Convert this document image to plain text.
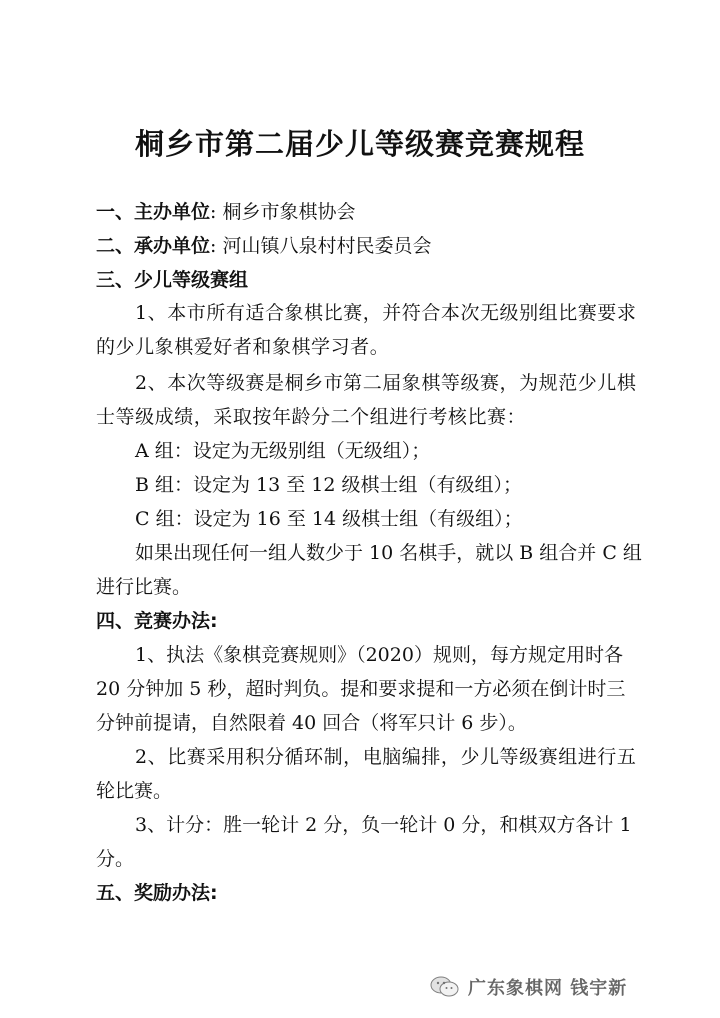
桐乡市第二届少儿等级赛竞赛规程
一、主办单位: 桐乡市象棋协会
二、承办单位: 河山镇八泉村村民委员会
三、少儿等级赛组
1、本市所有适合象棋比赛，并符合本次无级别组比赛要求
的少儿象棋爱好者和象棋学习者。
2、本次等级赛是桐乡市第二届象棋等级赛，为规范少儿棋
士等级成绩，采取按年龄分二个组进行考核比赛：
A 组：设定为无级别组（无级组）；
B 组：设定为 13 至 12 级棋士组（有级组）；
C 组：设定为 16 至 14 级棋士组（有级组）；
如果出现任何一组人数少于 10 名棋手，就以 B 组合并 C 组
进行比赛。
四、竞赛办法:
1、执法《象棋竞赛规则》（2020）规则，每方规定用时各
20 分钟加 5 秒，超时判负。提和要求提和一方必须在倒计时三
分钟前提请，自然限着 40 回合（将军只计 6 步）。
2、比赛采用积分循环制，电脑编排，少儿等级赛组进行五
轮比赛。
3、计分：胜一轮计 2 分，负一轮计 0 分，和棋双方各计 1
分。
五、奖励办法:
广东象棋网 钱宇新
